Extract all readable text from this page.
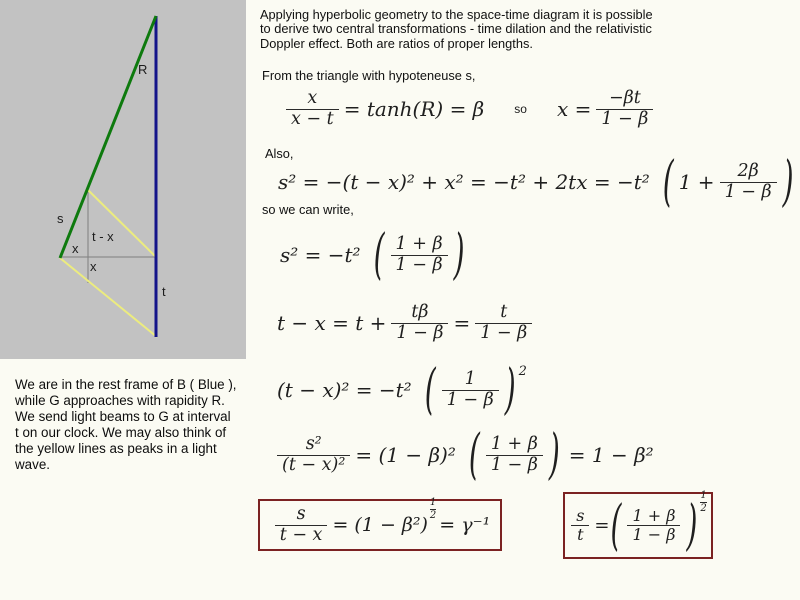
R
s
t - x
x
x
t
Applying hyperbolic geometry to the space-time diagram it is possible
to derive two central transformations - time dilation and the relativistic
Doppler effect. Both are ratios of proper lengths.
From the triangle with hypoteneuse s,
$\frac{x}{x - t} = \tanh(R) = \beta$	so $x = \frac{-\beta t}{1 - \beta}$
Also,
s² = −(t − x)² + x² = −t² + 2tx = −t² ( $1 + \frac{2\beta}{1 - \beta}$ )
so we can write,
s² = −t² ( $\frac{1 + \beta}{1 - \beta}$ )
$t - x = t + \frac{t\beta}{1 - \beta} = \frac{t}{1 - \beta}$
(t − x)² = −t² ( $\frac{1}{1 - \beta}$ ) 2
$\frac{\text{s²}}{\text{(t − x)²}} = (1 - \beta)^2$ ( $\frac{1 + \beta}{1 - \beta}$ ) = 1 − β²
$\frac{s}{t - x} = (1 - \beta^2)$
$\frac{1}{2}$
= γ⁻¹	$\frac{s}{t}$ = ( $\frac{1 + \beta}{1 - \beta}$ ) $\frac{1}{2}$
We are in the rest frame of B ( Blue ),
while G approaches with rapidity R.
We send light beams to G at interval
t on our clock. We may also think of
the yellow lines as peaks in a light
wave.
